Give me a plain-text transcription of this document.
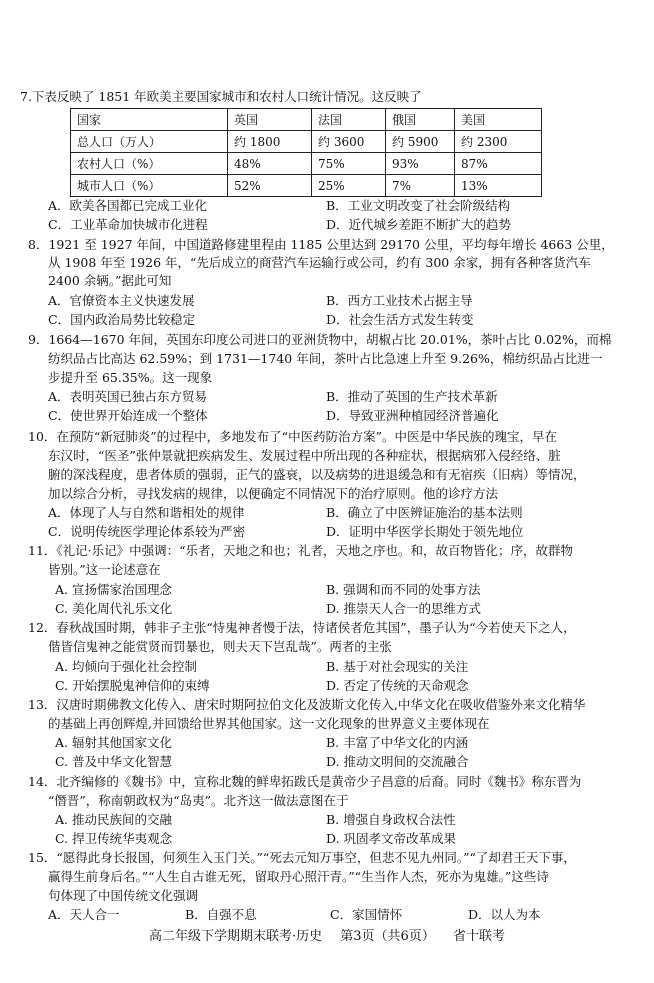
7.下表反映了 1851 年欧美主要国家城市和农村人口统计情况。这反映了
国家	英国	法国	俄国	美国
总人口（万人）	约 1800	约 3600	约 5900	约 2300
农村人口（%）	48%	75%	93%	87%
城市人口（%）	52%	25%	7%	13%
A．欧美各国都已完成工业化	B．工业文明改变了社会阶级结构
C．工业革命加快城市化进程	D．近代城乡差距不断扩大的趋势
8．1921 至 1927 年间，中国道路修建里程由 1185 公里达到 29170 公里，平均每年增长 4663 公里，
从 1908 年至 1926 年，“先后成立的商营汽车运输行或公司，约有 300 余家，拥有各种客货汽车
2400 余辆。”据此可知
A．官僚资本主义快速发展	B．西方工业技术占据主导
C．国内政治局势比较稳定	D．社会生活方式发生转变
9．1664—1670 年间，英国东印度公司进口的亚洲货物中，胡椒占比 20.01%，茶叶占比 0.02%，而棉
纺织品占比高达 62.59%；到 1731—1740 年间，茶叶占比急速上升至 9.26%，棉纺织品占比进一
步提升至 65.35%。这一现象
A．表明英国已独占东方贸易	B．推动了英国的生产技术革新
C．使世界开始连成一个整体	D．导致亚洲种植园经济普遍化
10．在预防“新冠肺炎”的过程中，多地发布了“中医药防治方案”。中医是中华民族的瑰宝，早在
东汉时，“医圣”张仲景就把疾病发生、发展过程中所出现的各种症状，根据病邪入侵经络、脏
腑的深浅程度，患者体质的强弱，正气的盛衰，以及病势的进退缓急和有无宿疾（旧病）等情况，
加以综合分析，寻找发病的规律，以便确定不同情况下的治疗原则。他的诊疗方法
A．体现了人与自然和谐相处的规律	B．确立了中医辨证施治的基本法则
C．说明传统医学理论体系较为严密	D．证明中华医学长期处于领先地位
11．《礼记·乐记》中强调：“乐者，天地之和也；礼者，天地之序也。和，故百物皆化；序，故群物
皆别。”这一论述意在
A. 宣扬儒家治国理念	B. 强调和而不同的处事方法
C. 美化周代礼乐文化	D. 推崇天人合一的思维方式
12．春秋战国时期，韩非子主张“恃鬼神者慢于法，恃诸侯者危其国”，墨子认为“今若使天下之人，
偕皆信鬼神之能赏贤而罚暴也，则夫天下岂乱哉”。两者的主张
A. 均倾向于强化社会控制	B. 基于对社会现实的关注
C. 开始摆脱鬼神信仰的束缚	D. 否定了传统的天命观念
13．汉唐时期佛教文化传入、唐宋时期阿拉伯文化及波斯文化传入,中华文化在吸收借鉴外来文化精华
的基础上再创辉煌,并回馈给世界其他国家。这一文化现象的世界意义主要体现在
A. 辐射其他国家文化	B. 丰富了中华文化的内涵
C. 普及中华文化智慧	D. 推动文明间的交流融合
14．北齐编修的《魏书》中，宣称北魏的鲜卑拓跋氏是黄帝少子昌意的后裔。同时《魏书》称东晋为
“僭晋”，称南朝政权为“岛夷”。北齐这一做法意图在于
A. 推动民族间的交融	B. 增强自身政权合法性
C. 捍卫传统华夷观念	D. 巩固孝文帝改革成果
15．“愿得此身长报国，何须生入玉门关。”“死去元知万事空，但悲不见九州同。”“了却君王天下事，
赢得生前身后名。”“人生自古谁无死，留取丹心照汗青。”“生当作人杰，死亦为鬼雄。”这些诗
句体现了中国传统文化强调
A．天人合一	B．自强不息	C．家国情怀	D．以人为本
高二年级下学期期末联考·历史 第3页（共6页） 省十联考
